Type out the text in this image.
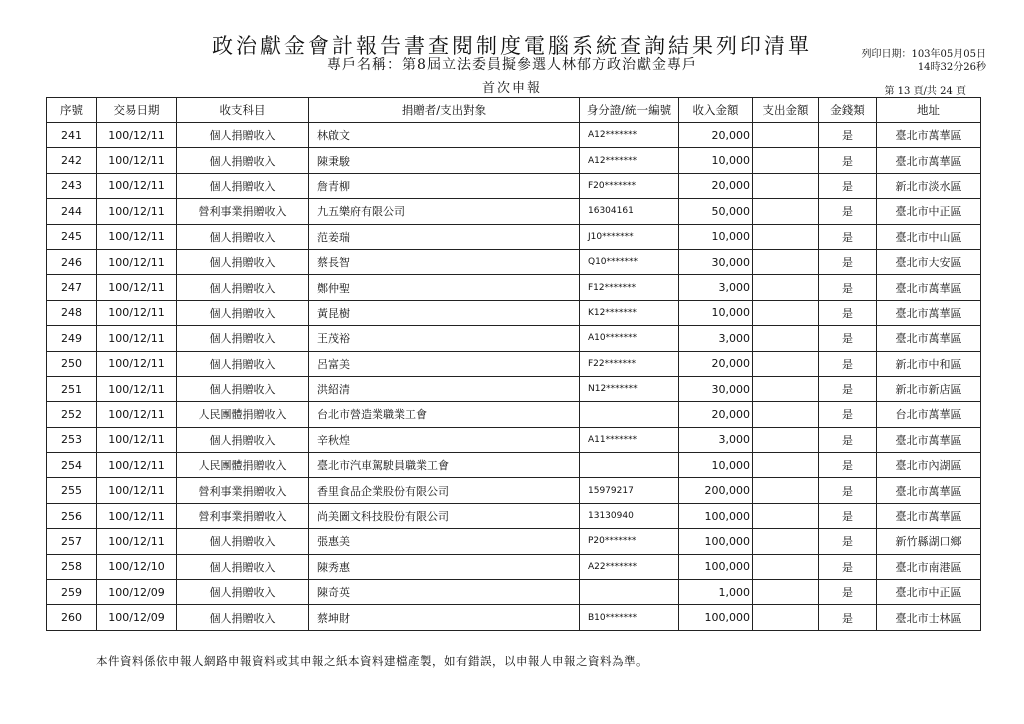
政治獻金會計報告書查閱制度電腦系統查詢結果列印清單
專戶名稱：第8屆立法委員擬參選人林郁方政治獻金專戶
首次申報
列印日期：103年05月05日
14時32分26秒
第 13 頁/共 24 頁
序號	交易日期	收支科目	捐贈者/支出對象	身分證/統一編號	收入金額	支出金額	金錢類	地址
241	100/12/11	個人捐贈收入	林啟文	A12*******	20,000		是	臺北市萬華區
242	100/12/11	個人捐贈收入	陳秉駿	A12*******	10,000		是	臺北市萬華區
243	100/12/11	個人捐贈收入	詹青柳	F20*******	20,000		是	新北市淡水區
244	100/12/11	營利事業捐贈收入	九五樂府有限公司	16304161	50,000		是	臺北市中正區
245	100/12/11	個人捐贈收入	范姜瑞	J10*******	10,000		是	臺北市中山區
246	100/12/11	個人捐贈收入	蔡長智	Q10*******	30,000		是	臺北市大安區
247	100/12/11	個人捐贈收入	鄭仲聖	F12*******	3,000		是	臺北市萬華區
248	100/12/11	個人捐贈收入	黃昆樹	K12*******	10,000		是	臺北市萬華區
249	100/12/11	個人捐贈收入	王茂裕	A10*******	3,000		是	臺北市萬華區
250	100/12/11	個人捐贈收入	呂富美	F22*******	20,000		是	新北市中和區
251	100/12/11	個人捐贈收入	洪紹清	N12*******	30,000		是	新北市新店區
252	100/12/11	人民團體捐贈收入	台北市營造業職業工會		20,000		是	台北市萬華區
253	100/12/11	個人捐贈收入	辛秋煌	A11*******	3,000		是	臺北市萬華區
254	100/12/11	人民團體捐贈收入	臺北市汽車駕駛員職業工會		10,000		是	臺北市內湖區
255	100/12/11	營利事業捐贈收入	香里食品企業股份有限公司	15979217	200,000		是	臺北市萬華區
256	100/12/11	營利事業捐贈收入	尚美圖文科技股份有限公司	13130940	100,000		是	臺北市萬華區
257	100/12/11	個人捐贈收入	張惠美	P20*******	100,000		是	新竹縣湖口鄉
258	100/12/10	個人捐贈收入	陳秀惠	A22*******	100,000		是	臺北市南港區
259	100/12/09	個人捐贈收入	陳奇英		1,000		是	臺北市中正區
260	100/12/09	個人捐贈收入	蔡坤財	B10*******	100,000		是	臺北市士林區
本件資料係依申報人網路申報資料或其申報之紙本資料建檔產製，如有錯誤，以申報人申報之資料為準。
